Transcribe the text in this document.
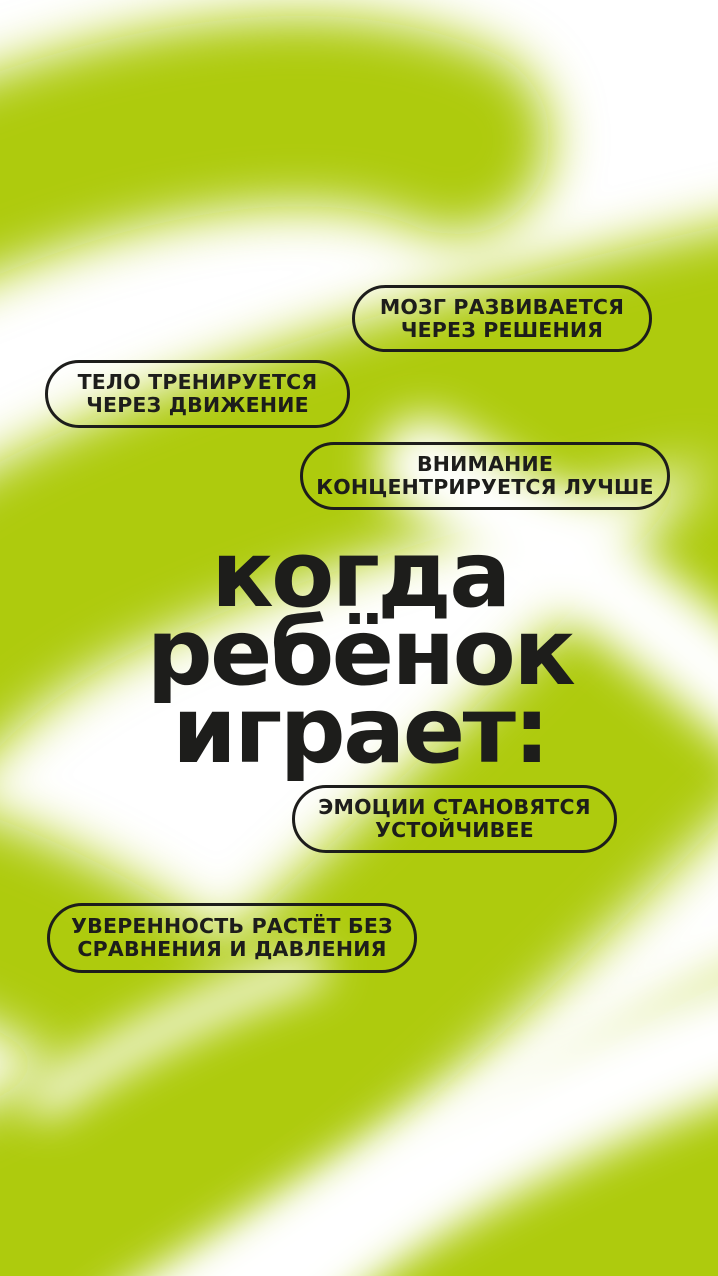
МОЗГ РАЗВИВАЕТСЯ
ЧЕРЕЗ РЕШЕНИЯ
ТЕЛО ТРЕНИРУЕТСЯ
ЧЕРЕЗ ДВИЖЕНИЕ
ВНИМАНИЕ
КОНЦЕНТРИРУЕТСЯ ЛУЧШЕ
ЭМОЦИИ СТАНОВЯТСЯ
УСТОЙЧИВЕЕ
УВЕРЕННОСТЬ РАСТЁТ БЕЗ
СРАВНЕНИЯ И ДАВЛЕНИЯ
когда
ребёнок
играет:
